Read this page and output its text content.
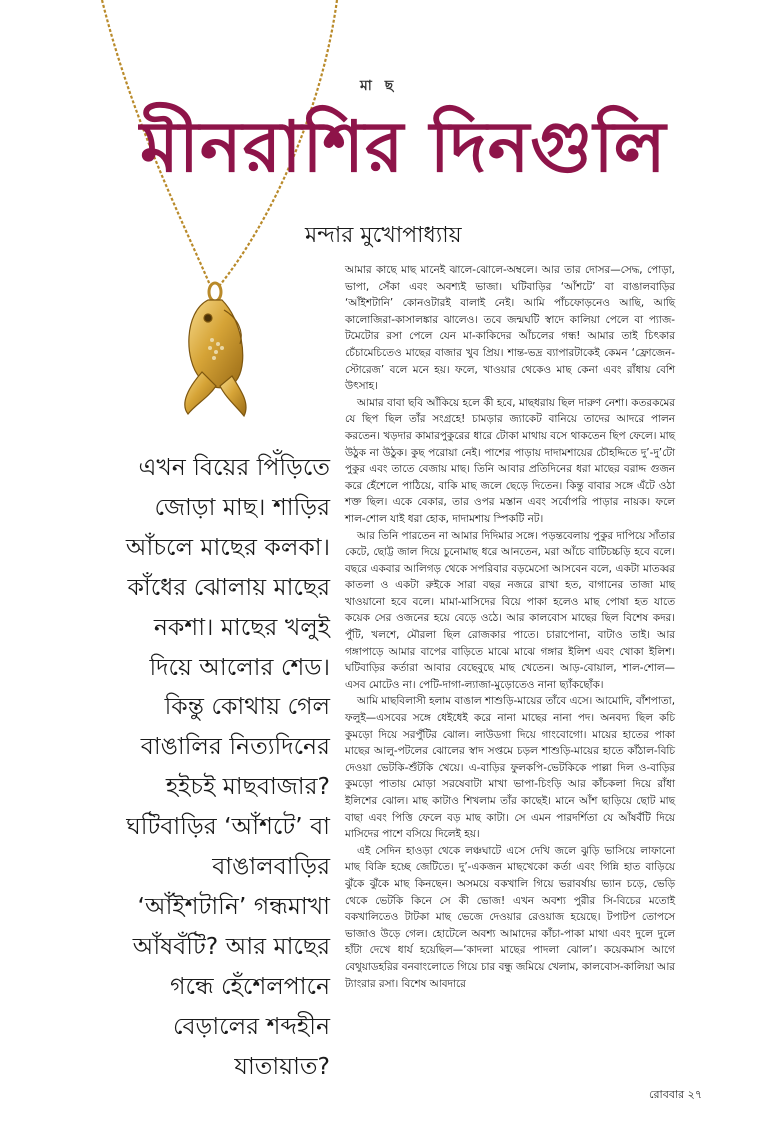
মা ছ
মীনরাশির দিনগুলি
মন্দার মুখোপাধ্যায়
এখন বিয়ের পিঁড়িতে
জোড়া মাছ। শাড়ির
আঁচলে মাছের কলকা।
কাঁধের ঝোলায় মাছের
নকশা। মাছের খলুই
দিয়ে আলোর শেড।
কিন্তু কোথায় গেল
বাঙালির নিত্যদিনের
হইচই মাছবাজার?
ঘটিবাড়ির ‘আঁশটে’ বা
বাঙালবাড়ির
‘আঁইশটানি’ গন্ধমাখা
আঁষবঁটি? আর মাছের
গন্ধে হেঁশেলপানে
বেড়ালের শব্দহীন
যাতায়াত?

আমার কাছে মাছ মানেই ঝালে-ঝোলে-অম্বলে। আর তার দোসর—সেদ্ধ, পোড়া, ভাপা, সেঁকা এবং অবশ্যই ভাজা। ঘটিবাড়ির ‘আঁশটে’ বা বাঙালবাড়ির ‘আঁইশটানি’ কোনওটারই বালাই নেই। আমি পাঁচফোড়নেও আছি, আছি কালোজিরা-কাসালঙ্কার ঝালেও। তবে জন্মঘটি স্বাদে কালিয়া পেলে বা প্যাজ-টমেটোর রসা পেলে যেন মা-কাকিদের আঁচলের গন্ধ! আমার তাই চিৎকার চেঁচামেচিতেও মাছের বাজার খুব প্রিয়। শান্ত-ভদ্র ব্যাপারটাকেই কেমন ‘ফ্রোজেন-স্টোরেজ’ বলে মনে হয়। ফলে, খাওয়ার থেকেও মাছ কেনা এবং রাঁধায় বেশি উৎসাহ।

আমার বাবা ছবি আঁকিয়ে হলে কী হবে, মাছধরায় ছিল দারুণ নেশা। কতরকমের যে ছিপ ছিল তাঁর সংগ্রহে! চামড়ার জ্যাকেট বানিয়ে তাদের আদরে পালন করতেন। খড়দার কামারপুকুরের ধারে টোকা মাথায় বসে থাকতেন ছিপ ফেলে। মাছ উঠুক না উঠুক। কুছ পরোয়া নেই। পাশের পাড়ায় দাদামশায়ের চৌহদ্দিতে দু’-দু’টো পুকুর এবং তাতে বেজায় মাছ। তিনি আবার প্রতিদিনের ধরা মাছের বরাদ্দ গুজন করে হেঁশেলে পাঠিয়ে, বাকি মাছ জলে ছেড়ে দিতেন। কিন্তু বাবার সঙ্গে এঁটে ওঠা শক্ত ছিল। একে বেকার, তার ওপর মস্তান এবং সর্বোপরি পাড়ার নায়ক। ফলে শাল-শোল যাই ধরা হোক, দাদামশায় স্পিকটি নট।

আর তিনি পারতেন না আমার দিদিমার সঙ্গে। পড়ন্তবেলায় পুকুর দাপিয়ে সাঁতার কেটে, ছোট্ট জাল দিয়ে চুনোমাছ ধরে আনতেন, মরা আঁচে বাটিচচ্চড়ি হবে বলে। বছরে একবার আলিগড় থেকে সপরিবার বড়মেসো আসবেন বলে, একটা মাতব্বর কাতলা ও একটা রুইকে সারা বছর নজরে রাখা হত, বাগানের তাজা মাছ খাওয়ানো হবে বলে। মামা-মাসিদের বিয়ে পাকা হলেও মাছ পোষা হত যাতে কয়েক সের ওজনের হয়ে বেড়ে ওঠে। আর কালবোস মাছের ছিল বিশেষ কদর। পুঁটি, খলশে, মৌরলা ছিল রোজকার পাতে। চারাপোনা, বাটাও তাই। আর গঙ্গাপাড়ে আমার বাপের বাড়িতে মাঝে মাঝে গঙ্গার ইলিশ এবং খোকা ইলিশ। ঘটিবাড়ির কর্তারা আবার বেছেবুছে মাছ খেতেন। আড়-বোয়াল, শাল-শোল—এসব মোটেও না। পেটি-দাগা-ল্যাজা-মুড়োতেও নানা ছ্যাঁকছোঁক।

আমি মাছবিলাসী হলাম বাঙাল শাশুড়ি-মায়ের তাঁবে এসে। আমোদি, বাঁশপাতা, ফলুই—এসবের সঙ্গে ধেইধেই করে নানা মাছের নানা পদ। অনবদ্য ছিল কচি কুমড়ো দিয়ে সরপুঁটির ঝোল। লাউডগা দিয়ে গাংবোগো। মায়ের হাতের পাকা মাছের আলু-পটলের ঝোলের স্বাদ সপ্তমে চড়ল শাশুড়ি-মায়ের হাতে কাঁঠাল-বিচি দেওয়া ভেটকি-শুঁটকি খেয়ে। এ-বাড়ির ফুলকপি-ভেটকিকে পাল্লা দিল ও-বাড়ির কুমড়ো পাতায় মোড়া সরষেবাটা মাখা ভাপা-চিংড়ি আর কাঁচকলা দিয়ে রাঁধা ইলিশের ঝোল। মাছ কাটাও শিখলাম তাঁর কাছেই। মানে আঁশ ছাড়িয়ে ছোট মাছ বাছা এবং পিত্তি ফেলে বড় মাছ কাটা। সে এমন পারদর্শিতা যে আঁষবঁটি দিয়ে মাসিদের পাশে বসিয়ে দিলেই হয়।

এই সেদিন হাওড়া থেকে লঞ্চঘাটে এসে দেখি জলে ঝুড়ি ভাসিয়ে লাফানো মাছ বিক্রি হচ্ছে জেটিতে। দু’-একজন মাছখেকো কর্তা এবং গিন্নি হাত বাড়িয়ে ঝুঁকে ঝুঁকে মাছ কিনছেন। অসময়ে বকখালি গিয়ে ভরাবর্ষায় ভ্যান চড়ে, ভেড়ি থেকে ভেটকি কিনে সে কী ভোজ! এখন অবশ্য পুরীর সি-বিচের মতোই বকখালিতেও টাটকা মাছ ভেজে দেওয়ার রেওয়াজ হয়েছে। টপাটপ তোপসে ভাজাও উড়ে গেল। হোটেলে অবশ্য আমাদের কাঁচা-পাকা মাথা এবং দুলে দুলে হাঁটা দেখে ধার্য হয়েছিল—‘কাদলা মাছের পাদলা ঝোল’। কয়েকমাস আগে বেথুয়াডহরির বনবাংলোতে গিয়ে চার বন্ধু জমিয়ে খেলাম, কালবোস-কালিয়া আর ট্যাংরার রসা। বিশেষ আবদারে

রোববার ২৭
